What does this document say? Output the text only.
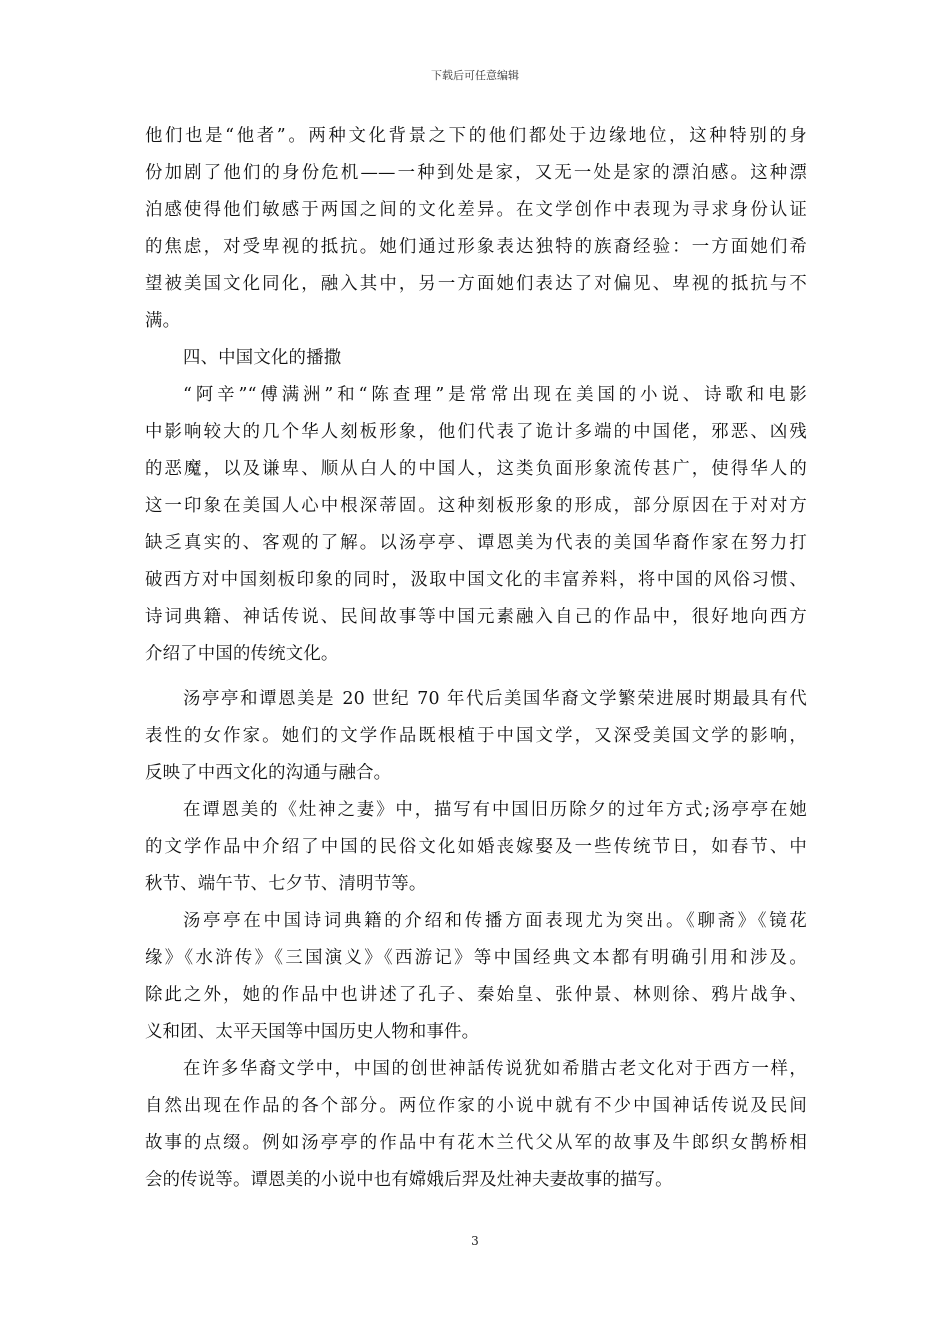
下载后可任意编辑
他们也是“他者”。两种文化背景之下的他们都处于边缘地位，这种特别的身
份加剧了他们的身份危机——一种到处是家，又无一处是家的漂泊感。这种漂
泊感使得他们敏感于两国之间的文化差异。在文学创作中表现为寻求身份认证
的焦虑，对受卑视的抵抗。她们通过形象表达独特的族裔经验：一方面她们希
望被美国文化同化，融入其中，另一方面她们表达了对偏见、卑视的抵抗与不
满。
四、中国文化的播撒
“阿辛”“傅满洲”和“陈查理”是常常出现在美国的小说、诗歌和电影
中影响较大的几个华人刻板形象，他们代表了诡计多端的中国佬，邪恶、凶残
的恶魔，以及谦卑、顺从白人的中国人，这类负面形象流传甚广，使得华人的
这一印象在美国人心中根深蒂固。这种刻板形象的形成，部分原因在于对对方
缺乏真实的、客观的了解。以汤亭亭、谭恩美为代表的美国华裔作家在努力打
破西方对中国刻板印象的同时，汲取中国文化的丰富养料，将中国的风俗习惯、
诗词典籍、神话传说、民间故事等中国元素融入自己的作品中，很好地向西方
介绍了中国的传统文化。
汤亭亭和谭恩美是 20 世纪 70 年代后美国华裔文学繁荣进展时期最具有代
表性的女作家。她们的文学作品既根植于中国文学，又深受美国文学的影响，
反映了中西文化的沟通与融合。
在谭恩美的《灶神之妻》中，描写有中国旧历除夕的过年方式;汤亭亭在她
的文学作品中介绍了中国的民俗文化如婚丧嫁娶及一些传统节日，如春节、中
秋节、端午节、七夕节、清明节等。
汤亭亭在中国诗词典籍的介绍和传播方面表现尤为突出。《聊斋》《镜花
缘》《水浒传》《三国演义》《西游记》等中国经典文本都有明确引用和涉及。
除此之外，她的作品中也讲述了孔子、秦始皇、张仲景、林则徐、鸦片战争、
义和团、太平天国等中国历史人物和事件。
在许多华裔文学中，中国的创世神話传说犹如希腊古老文化对于西方一样，
自然出现在作品的各个部分。两位作家的小说中就有不少中国神话传说及民间
故事的点缀。例如汤亭亭的作品中有花木兰代父从军的故事及牛郎织女鹊桥相
会的传说等。谭恩美的小说中也有嫦娥后羿及灶神夫妻故事的描写。
3
